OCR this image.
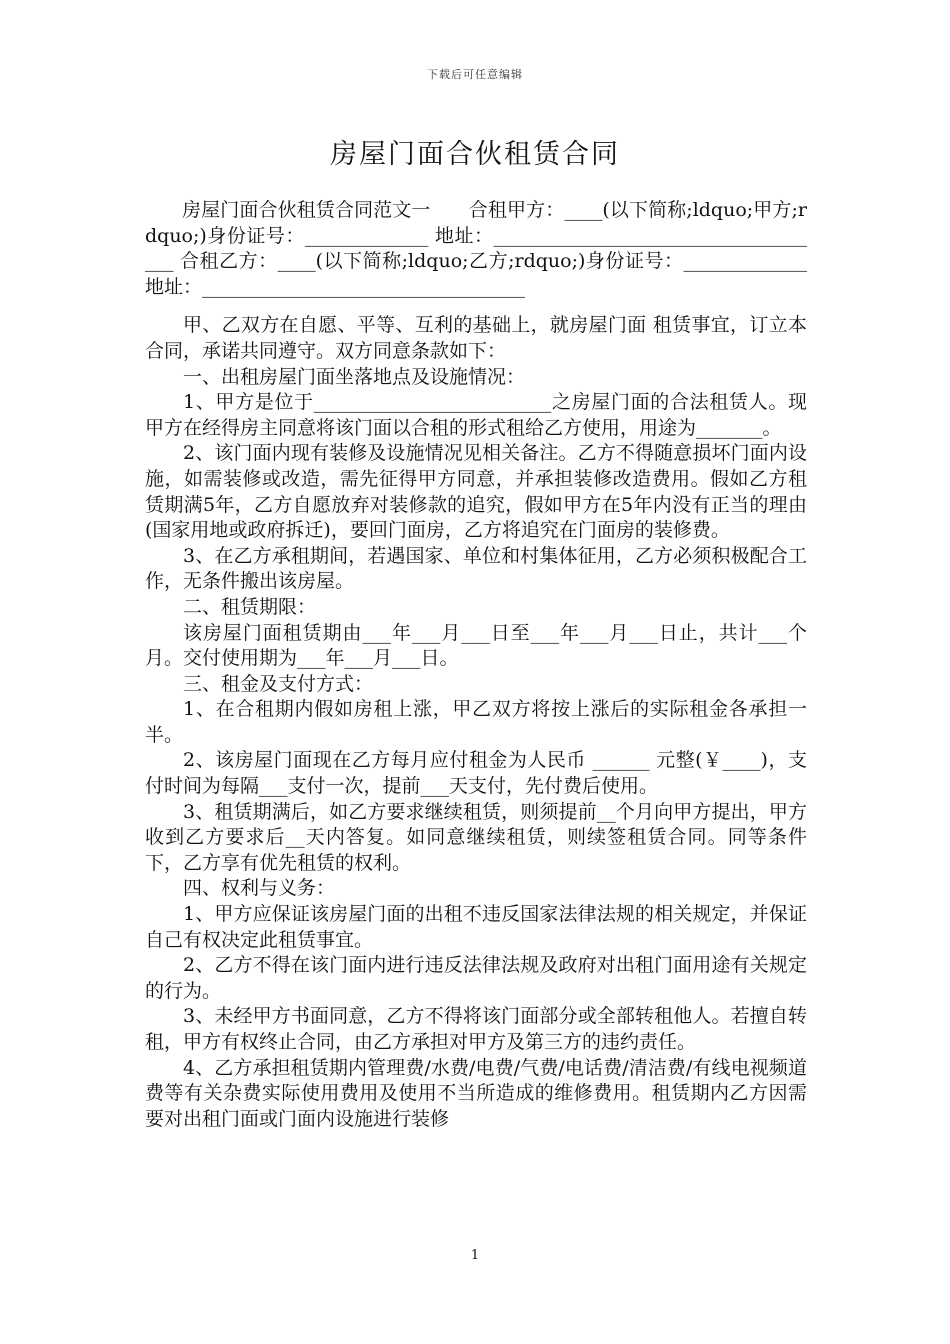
下载后可任意编辑
房屋门面合伙租赁合同

房屋门面合伙租赁合同范文一　　合租甲方：____(以下简称;ldquo;甲方;rdquo;)身份证号：_____________ 地址：____________________________________ 合租乙方：____(以下简称;ldquo;乙方;rdquo;)身份证号：_____________ 地址：__________________________________

甲、乙双方在自愿、平等、互利的基础上，就房屋门面 租赁事宜，订立本合同，承诺共同遵守。双方同意条款如下：

一、出租房屋门面坐落地点及设施情况：

1、甲方是位于_________________________之房屋门面的合法租赁人。现甲方在经得房主同意将该门面以合租的形式租给乙方使用，用途为_______。

2、该门面内现有装修及设施情况见相关备注。乙方不得随意损坏门面内设施，如需装修或改造，需先征得甲方同意，并承担装修改造费用。假如乙方租赁期满5年，乙方自愿放弃对装修款的追究，假如甲方在5年内没有正当的理由(国家用地或政府拆迁)，要回门面房，乙方将追究在门面房的装修费。

3、在乙方承租期间，若遇国家、单位和村集体征用，乙方必须积极配合工作，无条件搬出该房屋。

二、租赁期限：

该房屋门面租赁期由___年___月___日至___年___月___日止，共计___个月。交付使用期为___年___月___日。

三、租金及支付方式：

1、在合租期内假如房租上涨，甲乙双方将按上涨后的实际租金各承担一半。

2、该房屋门面现在乙方每月应付租金为人民币 ______ 元整(￥____)，支付时间为每隔___支付一次，提前___天支付，先付费后使用。

3、租赁期满后，如乙方要求继续租赁，则须提前__个月向甲方提出，甲方收到乙方要求后__天内答复。如同意继续租赁，则续签租赁合同。同等条件下，乙方享有优先租赁的权利。

四、权利与义务：

1、甲方应保证该房屋门面的出租不违反国家法律法规的相关规定，并保证自己有权决定此租赁事宜。

2、乙方不得在该门面内进行违反法律法规及政府对出租门面用途有关规定的行为。

3、未经甲方书面同意，乙方不得将该门面部分或全部转租他人。若擅自转租，甲方有权终止合同，由乙方承担对甲方及第三方的违约责任。

4、乙方承担租赁期内管理费/水费/电费/气费/电话费/清洁费/有线电视频道费等有关杂费实际使用费用及使用不当所造成的维修费用。租赁期内乙方因需要对出租门面或门面内设施进行装修

1
